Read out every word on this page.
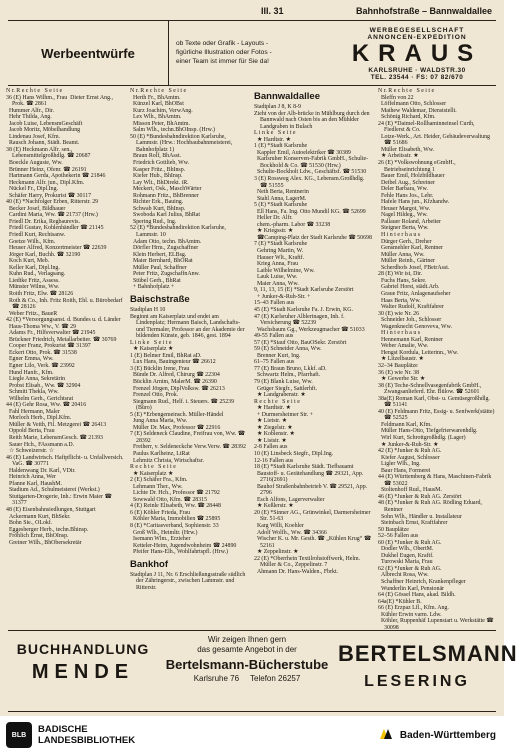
III. 31	Bahnhofstraße – Bannwaldallee
Werbeentwürfe
ob Texte oder Grafik - Layouts -
figürliche Illustration oder Fotos -
einer Team ist immer für Sie da!
WERBEGESELLSCHAFT
ANNONCEN-EXPEDITION
KRAUS
KARLSRUHE · WALDSTR.30
TEL. 23544 · FS: 07 82/670

N r. R e c h t e   S e i t e

36 (E) Hans Wilhm., Frau  Dieter Ernst Ang., Prok. ☎ 2861

Hummer Alfr., Dir.

Hehr Thilda, Ang.

Jacob Luise, LebensmGeschäft

Jacob Moritz, Möbelhandlung

Lindenau Josef, Kfm.

Rausch Johann, Städt. Beamt.

38 (E) Heckmann Alfr. sen., Lebensmittelgroßhdlg. ☎ 20687

Boeckle Auguste, Ww.

Brünner Heinz, Ofenr. ☎ 26191

Hartmann Gerda, Apothekerin ☎ 21846

Heckmann Alfr. jun., Dipl.Kfm.

Nückel Fr., Dipl.Ing.

Schäfer Harry, Prokurist ☎ 30117

40 (E) *Nachfolger Erben, Ritterstr. 29

Becker Josef, Bildhauer

Cardini Maria, Ww. ☎ 21737 (Hrw.)

Friedl Dr. Erika, Regbaurevis.

Friedl Gustav, Kohlenhändler ☎ 21145

Friedl Kurt, Rechtsanw.

Goetze Wilh., Kfm.

Heuser Alfred, Konzertmeister ☎ 22639

Jörger Karl, Buchh. ☎ 32190

Koch Kurt, Meb.

Keller Karl, Dipl.Ing.

Kuhn Rud., Verlagsang.

Liedtke Fritz, Assess.

Münster Wilms, Ww.

Roith Fritz, Elw. ☎ 28126

Roth & Co., Inh. Fritz Roith, Ehl. u. Bürobedarf ☎ 28126

Weber Fritz., BaueR

42 (E) *Versorgungsanst. d. Bundes u. d. Länder

Haus-Thoma Ww., V. ☎ 29

Adams Fr., Hilfsverwalter ☎ 21945

Brückner Friedrich, Metallarbeiter. ☎ 30769

Cooper Franz, Prokurist ☎ 31397

Eckert Otto, Prok. ☎ 31538

Egner Emma, Ww.

Egner Lilo, Verk. ☎ 23992

Hund Hanfr., Kfm.

Liegle Anna, Sekretärin

Probst Elisab., Ww. ☎ 32904

Schmitt Thekla, Ww.

Wilhelm Gerh., Gerichtsrat

44 (E) Gehr Rosa, Ww. ☎ 20416

Fahl Hermann, Maler

Morloch Herb., Dipl.Kfm.

Müller & Veith, Fil. Metzgerei ☎ 26413

Oppold Berta, Frau

Reith Marie, LebensmGesch. ☎ 21393

Sauer Hch., FAssmann a.D.

☆ Schweizerstr. ☆

46 (E) Landwirtsch. Haftpflicht- u. Unfallversich. VaG. ☎ 30771

Haldenwang Dr. Karl, VDir.

Heinrich Anna, Wer

Pfanne Karl, HaushM.

Stadium Ad., Schulmeisterei (Werkst.)

Stuttgarten-Drogerie, Inh.: Erwin Maier ☎ 31377

48 (E) Eisenbahnsiedlungen, Stuttgart

Ackermann Kurt, BhSekr.

Bohn Sie., OLokf.

Eggesberger Herb., techn.Bhinsp.

Fröhlich Ernst, BhOInsp.

Greiner Wilh., BhObersekretär

N r. R e c h t e   S e i t e

Herth Fr., BhAmtm.

Künzel Karl, BhOBst

Kurz Joachim, VerwAng.

Lex Wlh., BhAmtm.

Misson Peter, BhAmtm.

Salm Wlh., techn.BhOInsp. (Hrw.)

50 (E) *Bundesbahndirektion Karlsruhe, Lammstr. (Hrw.: Hochbaubahnmeisterei, Bahnhofplatz 1)

Braun Rolf, BhAsst.

Friedrich Gottlieb, Ww.

Kasper Fritz., BhInsp.

Kiefer Hub., BhInsp.

Lay Wlt., BhDirekt. iR.

Meckert, Osk., MaschWärter

Rohmann Fritz., BhBrenner

Richter Erk., Bauing.

Schwab Kurt, BhInsp.

Swoboda Karl Julius, BhRat

Spering Rud., Ing.

52 (E) *Bundesbahndirektion Karlsruhe, Lammstr. 10

Adam Otto, techn. BhAmtm.

Dörfler Hrm., Zugschaffner

Klein Herbert, ELBsg.

Maier Bernhard, BhORat

Müller Paul, Schaffner

Peter Fritz, ZugschaffnAnw.

Stübel Gerh., BhRat

+ Bahnhofplatz +

Baischstraße

Stadtplan H 10

Beginnt am Kaiserplatz und endet am Lindenplatz; Hermann Baisch, Landschafts- und Tiermaler, Professor an der Akademie der bildenden Künste, geb. 1846, gest. 1894

L i n k e   S e i t e

★ Kaiserplatz ★

1 (E) Belmer Emil, BhRat aD.

Lux Hans, Bauingenieur ☎ 26612

3 (E) Bücklin Irene, Frau

Bünde Dr. Alfred, Chirurg ☎ 22304

Bücklin Arnim, MalerM. ☎ 26390

Frenzel Jörgen, DiplVolksw. ☎ 26213

Frenzel Otto, Prok.

Siegmann Rud., Helf. i. Steuers. ☎ 25239 (Büro)

5 (E) *Erbengemeinsch. Müller-Händel

Jung Anna Maria, Ww.

Müller Dr. Max, Professor ☎ 22916

7 (E) Seldeneck Claudine, Freifrau von, Ww. ☎ 28392

Freiherr, v. Seldeneckche Verw.Verw. ☎ 28392

Paulus Karlheinz, LtRat

Lehmitz Christa, Wirtschaftsr.

R e c h t e   S e i t e

★ Kaiserplatz ★

2 (E) Schäfer Fra., Kfm.

Lehmann Ther., Ww.

Lichte Dr. Hch., Professor ☎ 21792

Sowwald Otto, Kfm. ☎ 28315

4 (E) Reinle Elisabeth, Ww. ☎ 28448

6 (E) Köhler Frieda, Frau

Köhler Maria, Immobilien ☎ 25895

8 (E) *Caritasverband, Sophienstr. 33

Groß Wlh., Heimltr. (Hrw.)

Isemann Wlm., Erzieher

Ketteler-Heim, Jugendwohnheim ☎ 24890

Pfeifer Hans-Elh., Wohlfahrtspfl. (Hrw.)

Bankhof

Stadtplan J 11, Nr. 6 Erschließungsstraße südlich der Zähringerstr., zwischen Lammstr. und Ritterstr.

Bannwaldallee

Stadtplan J 8, K 8-9

Zieht von der Alb-brücke in Mühlburg durch den Bannwald nach Osten bis an den Mühlder Landgraben in Bulach

L i n k e   S e i t e

★ Hardtstr. ★

1 (E) *Stadt Karlsruhe

Kappler Emil, Autoelektriker ☎ 30389

Karlsruher Konserven-Fabrik GmbH., Schulte-Bockhold & Co. ☎ 51530 (Hrw.)

Schulte-Bockholt Ldw., Geschäftsf. ☎ 51530

3 (E) Rossweg Alex. KG., Lebensm.Großhdlg. ☎ 51555

Neth Berta, Rentnerin

Stahl Anna, LagerM.

5 (E) *Stadt Karlsruhe

Ell Hans, Fa. Ing. Otto Mundil KG. ☎ 52699

Heller Dr. Alfr.

chem.-pharm. Labor ☎ 33238

★ Kriegsstr. ★

☎Camping-Platz der Stadt Karlsruhe ☎ 50698

7 (E) *Stadt Karlsruhe

Gehring Martin, W.

Hauser Wlt., Kraftf.

Krieg Anna, Frau

Laible Wilhelmine, Ww.

Lauk Luise, Ww.

Maier Anna, Ww.

9, 11, 13, 15 (E) *Stadt Karlsruhe Zerstört

+ Junker-&-Ruh-Str. +

15–43 Fallen aus

45 (E) *Stadt Karlsruhe Fa. J. Erwin, KG.

47 (E) Karlsruher Alblerinagen, Inh. f. Versicherung ☎ 52239

Wachsbaum Gg., Werkzeugmacher ☎ 51033

49-55 Fallen aus

57 (E) *Stauf Otto, BauOSekr. Zerstört

59 (E) Schneider Anna, Ww.

Brenner Kurt, Ing.

61–75 Fallen aus

77 (E) Braun Bruno, Lkkf. aD.

Schwartz Helm., Pfarrhaft.

79 (E) Blank Luise, Ww.

Grüger Siegfr., Sattlerhft.

★ Landgrabenstr. ★

R e c h t e   S e i t e

★ Hardtstr. ★

+ Durmersheimer Str. +

★ Lietstr. ★

★ Ziegelstr. ★

★ Koblenstr. ★

★ Liststr. ★

2-8 Fallen aus

10 (E) Linsbeck Siegfr., Dipl.Ing.

12-16 Fallen aus

18 (E) *Stadt Karlsruhe Städt. Tiefbauamt

Baustoff- u. Gerätehandlung ☎ 29321, App. 2716(2691)

Bauhof Straßenbahnbetrieb V. ☎ 29521, App. 2796

Esch Alfons, Lagerverwalter

★ Keßlerstr. ★

20 (E) *Sinner AG., Grünwinkel, Darmersheimer Str. 51-63

Karg Willi, Koehler

Adolf Wolfh., Ww. ☎ 34366

Wischer K. u. Mr. Gesth. ☎ „Kühlen Krug“ ☎ 52161

★ Zeppelinstr. ★

22 (E) *Oberrhein Textilrohstoffwerk, Helm. Müller & Co., Zeppelinstr. 7

Ahmann Dr. Hans-Walden., Fbrkt.

N r. R e c h t e   S e i t e

Bleffn von 22

Löffelmann Otto, Schlosser

Mathew Waldemar, Dienststellt.

Schönig Richard, Kfm.

24 (E) *Daimel-Rollhaminneinsel Curth, Fiedlerst & Co.

Lotze-Werk., Art. Heider, Gebäudeverwaltung ☎ 51686

Müller Elisabeth, Ww.

★ Arbeitsstr. ★

26 (E) *Volkswohnung eGmbH., Betriebseinrichtung 1

Bauer Emil, Holzbildhauer

Deibel Aug., Schreiner

Deler Barbara, Ww.

Fehle Hans Jos., Lehr.

Hafele Hans jun., Kfzhandw.

Heuser Margot, Ww.

Nagel Hildeg., Ww.

Pallauer Roland, Arbeiter

Steigner Berta, Ww.

H i n t e r h a u s

Dürger Gerh., Dreher

Gensmehler Karl, Rentner

Müller Anna, Ww.

Müller Reinh., Gärtner

Scherdhofs Josef, FBetrAsst.

28 (E) Wir ist, Dir.

Fuchs Hans, Sekre.

Gabriel Horst, städt.Arb.

Graue Fritz, Anlagenaufseher

Haas Berta, Ww.

Walter Rudolf, Kraftfahrer

30 (E) wie Nr. 26

Schneider Joh., Schlosser

Wagenknecht Genoveva, Ww.

H i n t e r h a u s

Hennemann Karl, Rentner

Weber Amalie, Ww.

Hengst Kordula, Leiterinn., Ww.

★ Litzelbaustr. ★

32–34 Bauplätze

36 (E) wie Nr. 38

★ Gewerbe Str. ★

38 (E) Teche-Schnellvasegenfabrik GmbH., Zwangsanlieferd. Ehr. Bülow. ☎ 52601

38a(E) Roman Karl, Obst- u. Gemüsegroßhdlg. ☎ 51141

40 (E) Feldmann Fritz, Essig- u. Senfwerk(stätte) ☎ 52525

Feldmann Karl, Kfm.

Müller Hans-Otto, Tiefgefrierwarenhdlg.

Wirl Kurt, Schrottgroßhdlg. (Lager)

★ Junker-&-Ruh-Str. ★

42 (E) *Junker & Ruh AG.

Kiefer August, Schlosser

Ligler Wlh., Ing.

Baur Hans, Formerei

44 (E) Württemberg & Hans, Maschinen-Fabrik ☎ 53022

Stoltenhoff Rud., HausM.

46 (E) *Junker & Ruh AG. Zerstört

48 (E) *Junker & Ruh AG. Rödling Eduard, Rentner

Sohn Wlh., Händler u. Installateur

Steinbach Ernst, Kraftfahrer

50 Bauplätze

52–56 Fallen aus

60 (E) *Junker & Ruh AG.

Dodler Wlh., ObertM.

Dukhel Eugen, Kraftf.

Turowski Maria, Frau

62 (E) *Junker & Ruh AG.

Albrecht Rosa, Ww.

Schaffner Heinrich, Krankenpfleger

Wunderlin Karl, Pensionär

64 (E) Gössel Hans, akad. Bildh.

64a(E) *Kühler B.

66 (E) Erzpaz Lfl., Kfm. Ang.

Kühler Erwin varm. Ldw.

Köhler, Ruppenhäf Lupenstart u. Werkstätte ☎ 30098

BUCHHANDLUNG
MENDE
Wir zeigen Ihnen gern
das gesamte Angebot in der
Bertelsmann-Bücherstube
Karlsruhe 76 Telefon 26257
BERTELSMANN
LESERING
BLB	BADISCHE
LANDESBIBLIOTHEK	Baden-Württemberg
